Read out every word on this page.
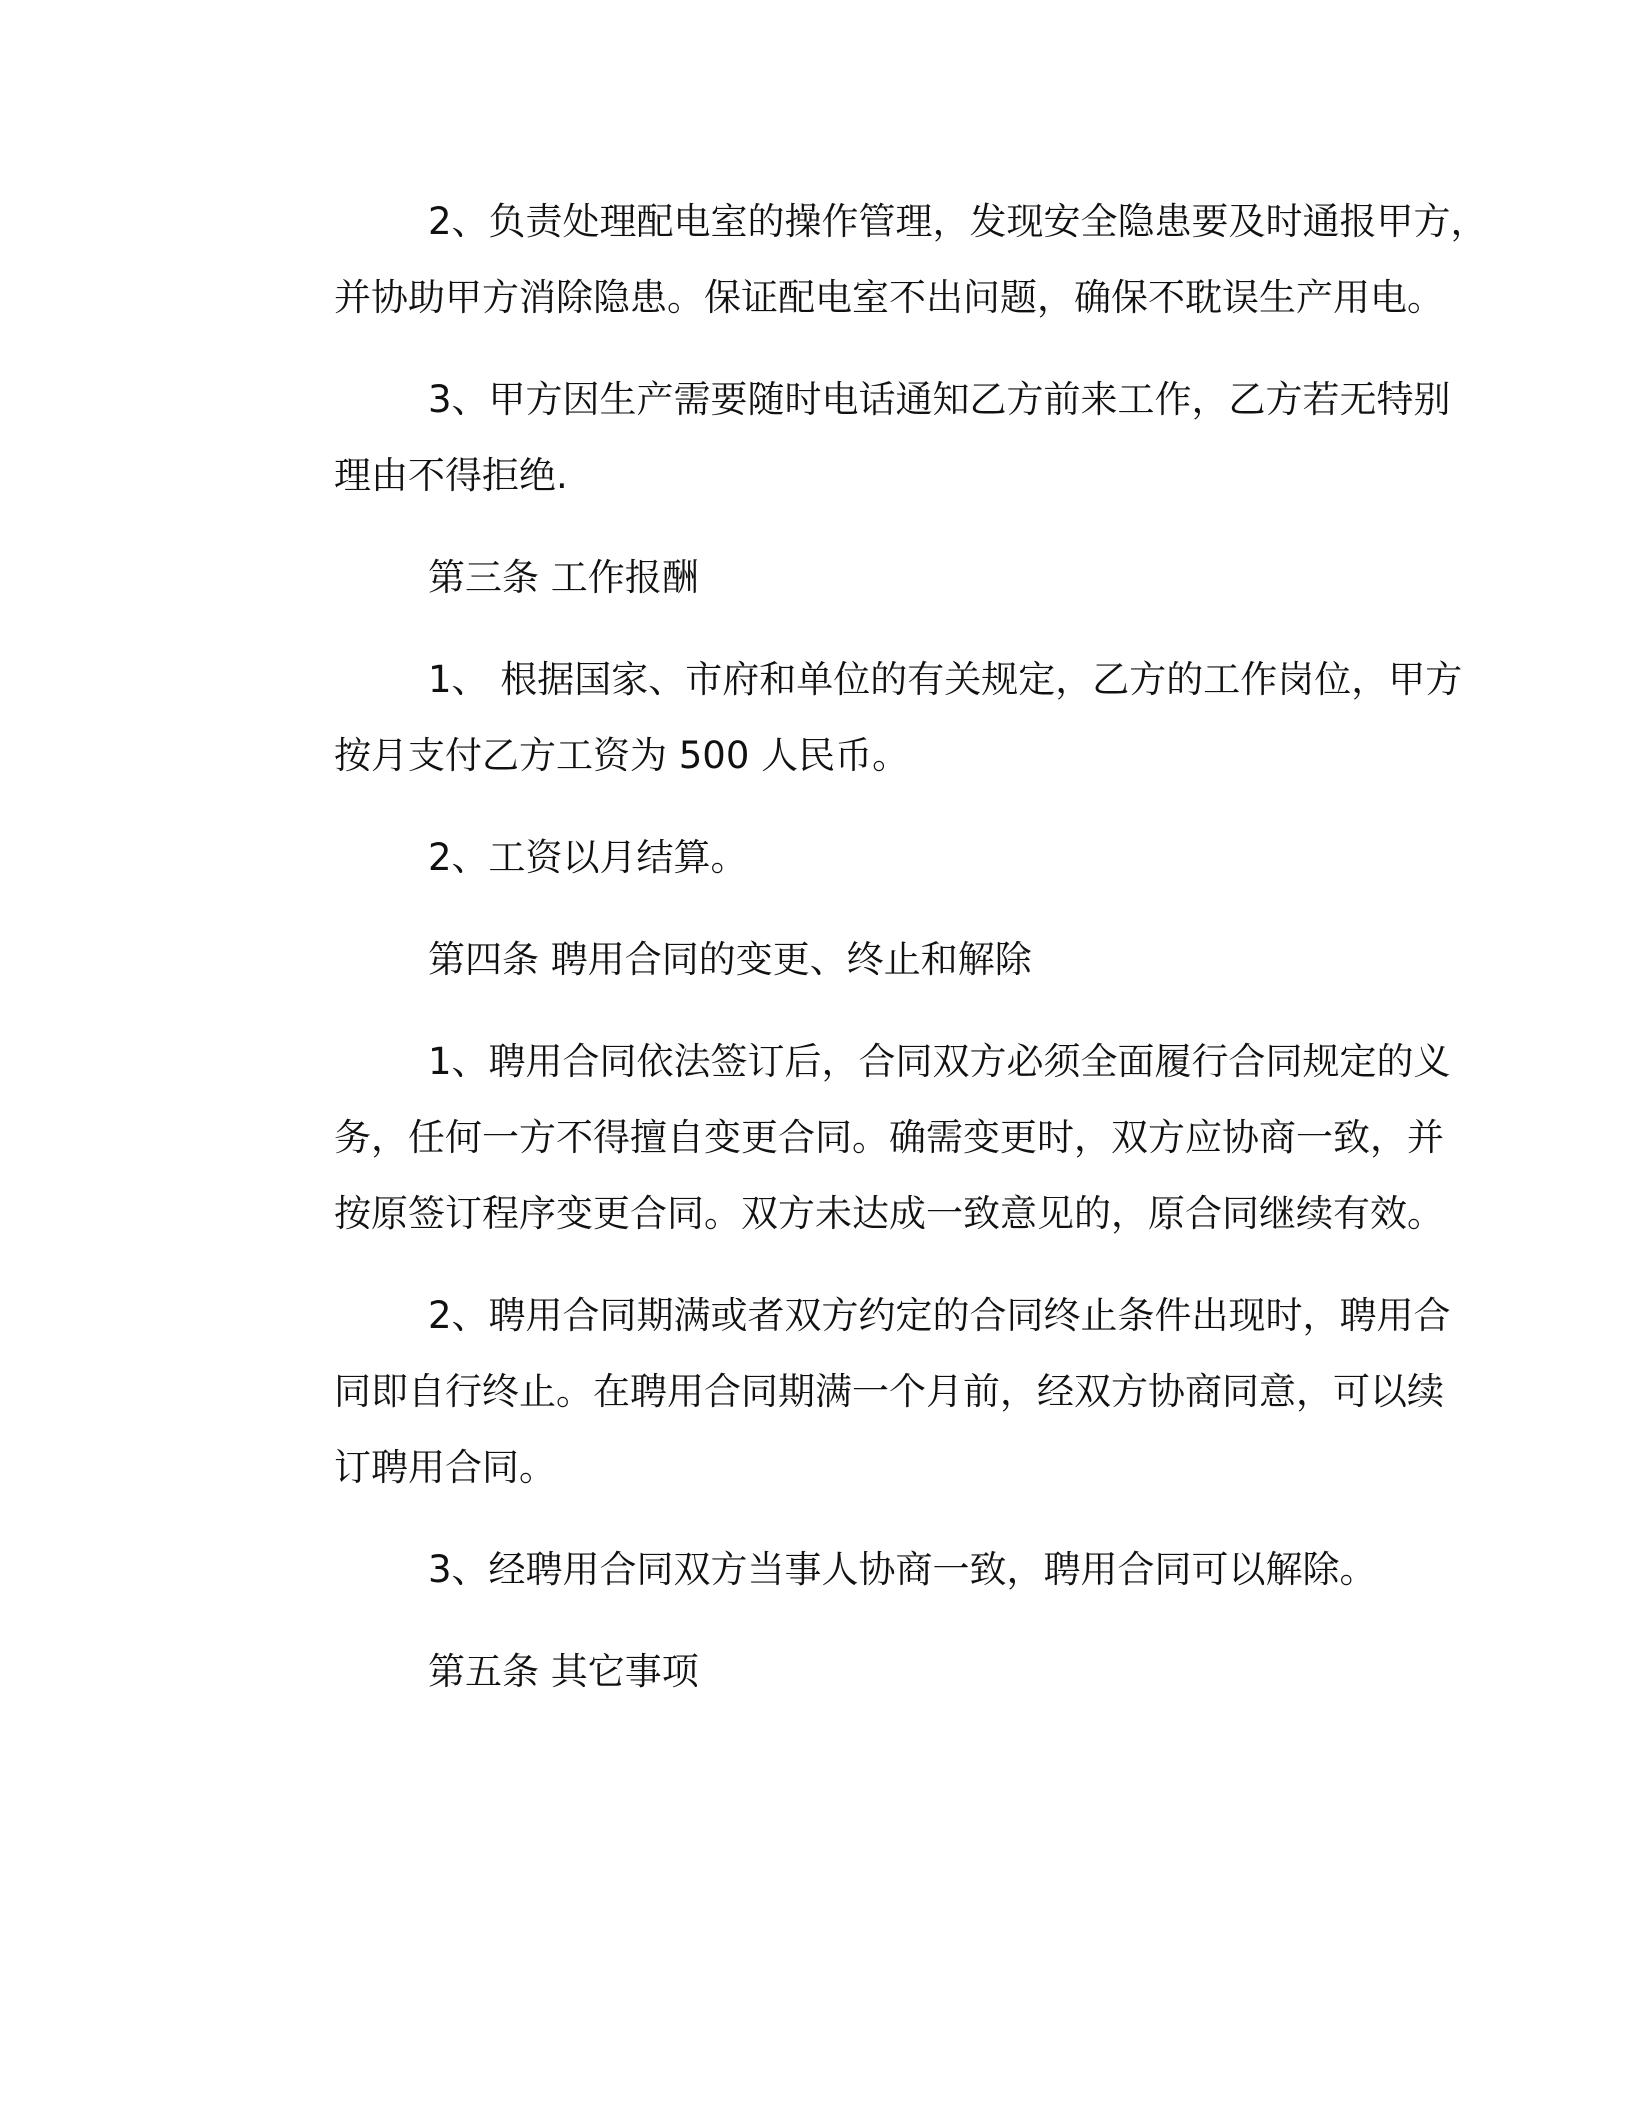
2、负责处理配电室的操作管理，发现安全隐患要及时通报甲方，
并协助甲方消除隐患。保证配电室不出问题，确保不耽误生产用电。
3、甲方因生产需要随时电话通知乙方前来工作，乙方若无特别
理由不得拒绝.
第三条 工作报酬
1、 根据国家、市府和单位的有关规定，乙方的工作岗位，甲方
按月支付乙方工资为 500 人民币。
2、工资以月结算。
第四条 聘用合同的变更、终止和解除
1、聘用合同依法签订后，合同双方必须全面履行合同规定的义
务，任何一方不得擅自变更合同。确需变更时，双方应协商一致，并
按原签订程序变更合同。双方未达成一致意见的，原合同继续有效。
2、聘用合同期满或者双方约定的合同终止条件出现时，聘用合
同即自行终止。在聘用合同期满一个月前，经双方协商同意，可以续
订聘用合同。
3、经聘用合同双方当事人协商一致，聘用合同可以解除。
第五条 其它事项
